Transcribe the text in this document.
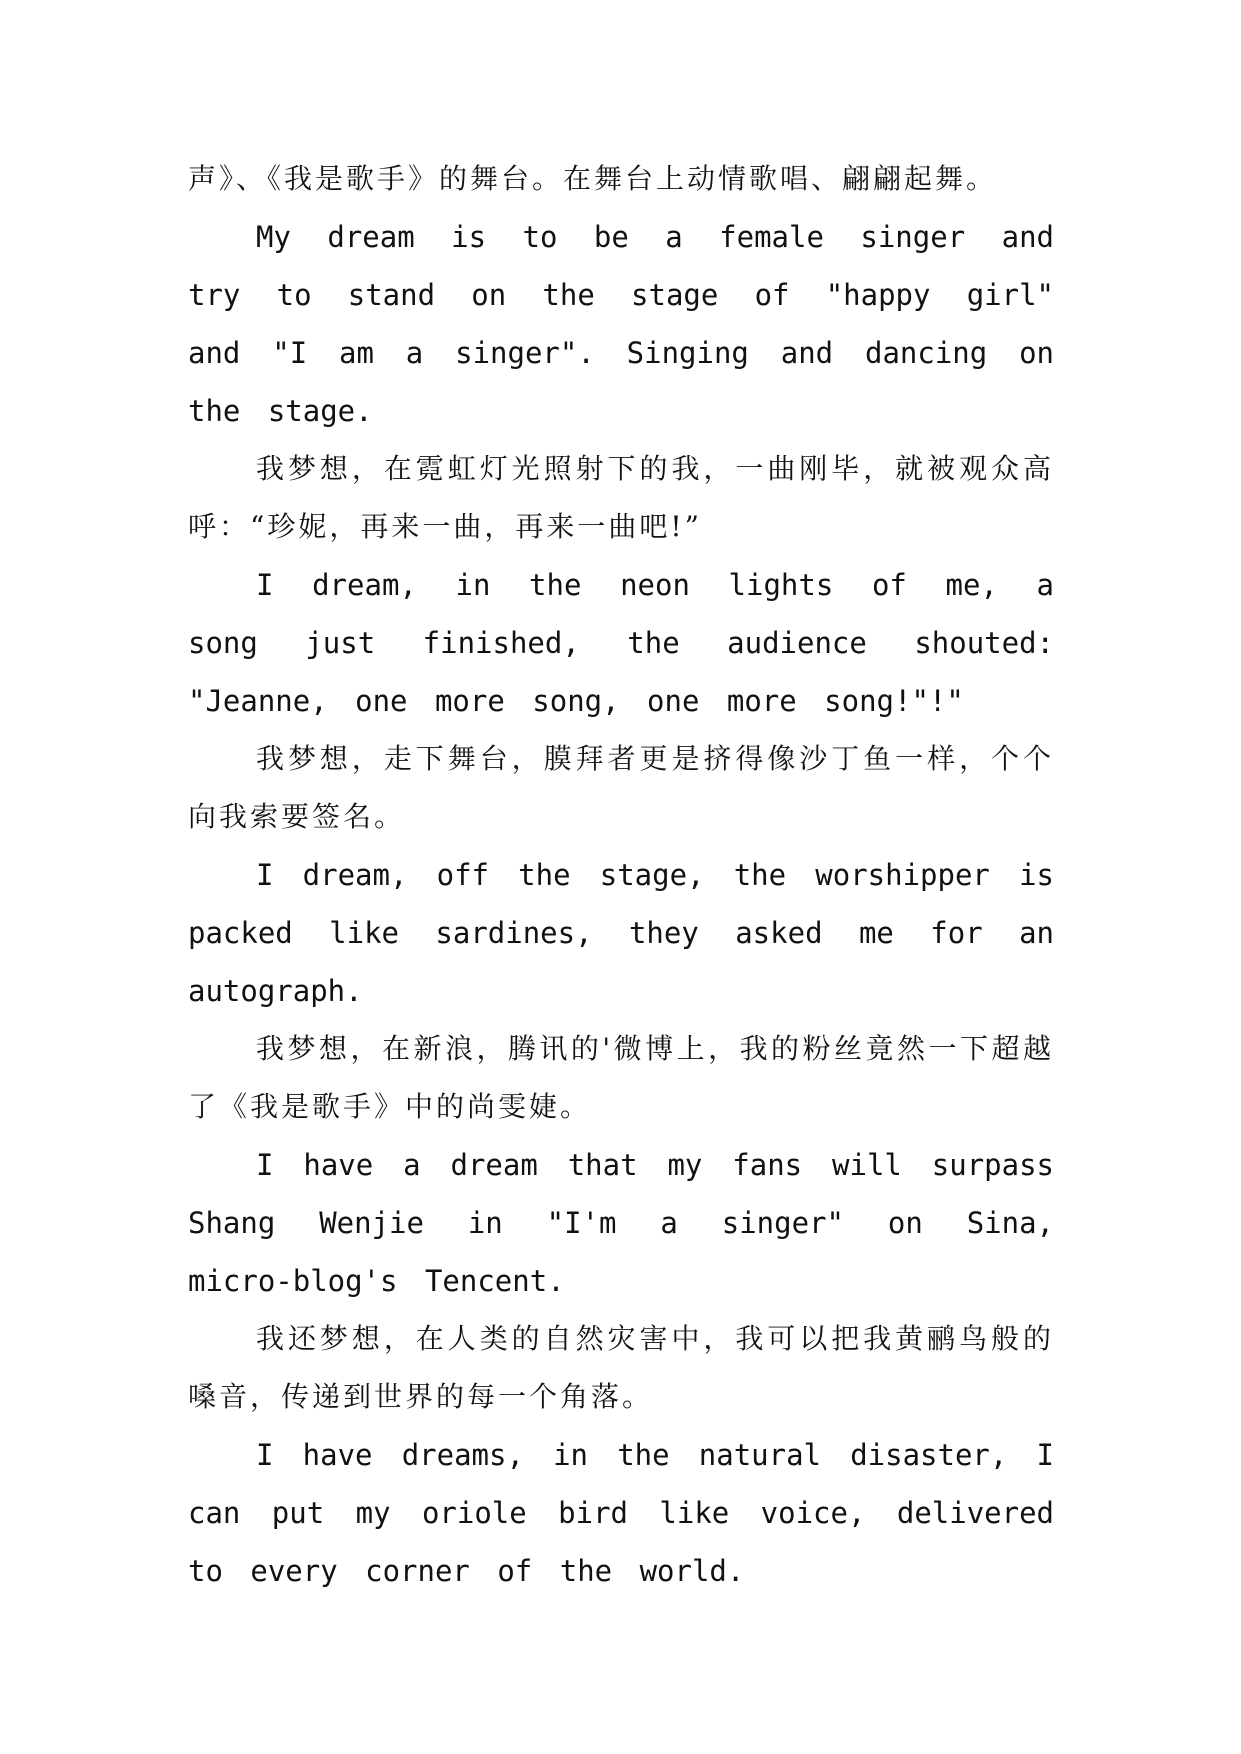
声》、《我是歌手》的舞台。在舞台上动情歌唱、翩翩起舞。

My dream is to be a female singer and try to stand on the stage of "happy girl" and "I am a singer". Singing and dancing on the stage.

我梦想，在霓虹灯光照射下的我，一曲刚毕，就被观众高呼：“珍妮，再来一曲，再来一曲吧!”

I dream, in the neon lights of me, a song just finished, the audience shouted: "Jeanne, one more song, one more song!"!"

我梦想，走下舞台，膜拜者更是挤得像沙丁鱼一样，个个向我索要签名。

I dream, off the stage, the worshipper is packed like sardines, they asked me for an autograph.

我梦想，在新浪，腾讯的'微博上，我的粉丝竟然一下超越了《我是歌手》中的尚雯婕。

I have a dream that my fans will surpass Shang Wenjie in "I'm a singer" on Sina, micro-blog's Tencent.

我还梦想，在人类的自然灾害中，我可以把我黄鹂鸟般的嗓音，传递到世界的每一个角落。

I have dreams, in the natural disaster, I can put my oriole bird like voice, delivered to every corner of the world.
